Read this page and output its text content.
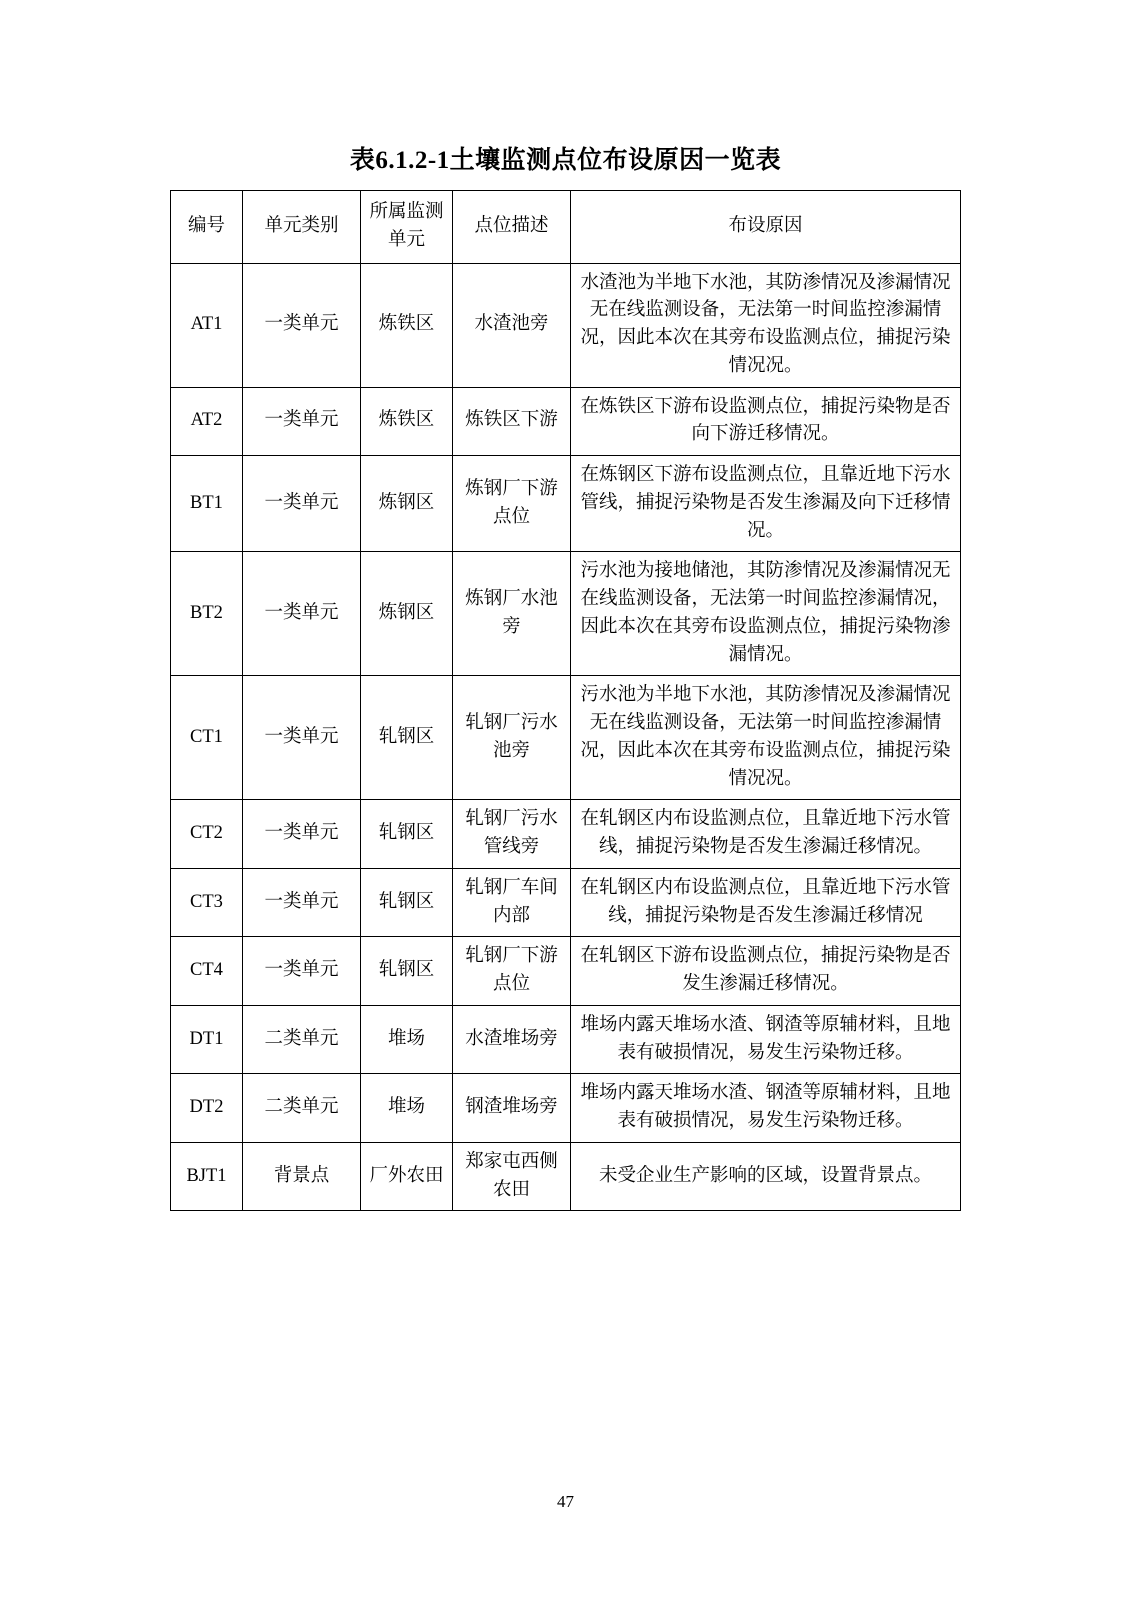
表6.1.2-1土壤监测点位布设原因一览表
编号	单元类别	所属监测单元	点位描述	布设原因
AT1	一类单元	炼铁区	水渣池旁	水渣池为半地下水池，其防渗情况及渗漏情况无在线监测设备，无法第一时间监控渗漏情况，因此本次在其旁布设监测点位，捕捉污染情况况。
AT2	一类单元	炼铁区	炼铁区下游	在炼铁区下游布设监测点位，捕捉污染物是否向下游迁移情况。
BT1	一类单元	炼钢区	炼钢厂下游点位	在炼钢区下游布设监测点位，且靠近地下污水管线，捕捉污染物是否发生渗漏及向下迁移情况。
BT2	一类单元	炼钢区	炼钢厂水池旁	污水池为接地储池，其防渗情况及渗漏情况无在线监测设备，无法第一时间监控渗漏情况，因此本次在其旁布设监测点位，捕捉污染物渗漏情况。
CT1	一类单元	轧钢区	轧钢厂污水池旁	污水池为半地下水池，其防渗情况及渗漏情况无在线监测设备，无法第一时间监控渗漏情况，因此本次在其旁布设监测点位，捕捉污染情况况。
CT2	一类单元	轧钢区	轧钢厂污水管线旁	在轧钢区内布设监测点位，且靠近地下污水管线，捕捉污染物是否发生渗漏迁移情况。
CT3	一类单元	轧钢区	轧钢厂车间内部	在轧钢区内布设监测点位，且靠近地下污水管线，捕捉污染物是否发生渗漏迁移情况
CT4	一类单元	轧钢区	轧钢厂下游点位	在轧钢区下游布设监测点位，捕捉污染物是否发生渗漏迁移情况。
DT1	二类单元	堆场	水渣堆场旁	堆场内露天堆场水渣、钢渣等原辅材料，且地表有破损情况，易发生污染物迁移。
DT2	二类单元	堆场	钢渣堆场旁	堆场内露天堆场水渣、钢渣等原辅材料，且地表有破损情况，易发生污染物迁移。
BJT1	背景点	厂外农田	郑家屯西侧农田	未受企业生产影响的区域，设置背景点。
47
